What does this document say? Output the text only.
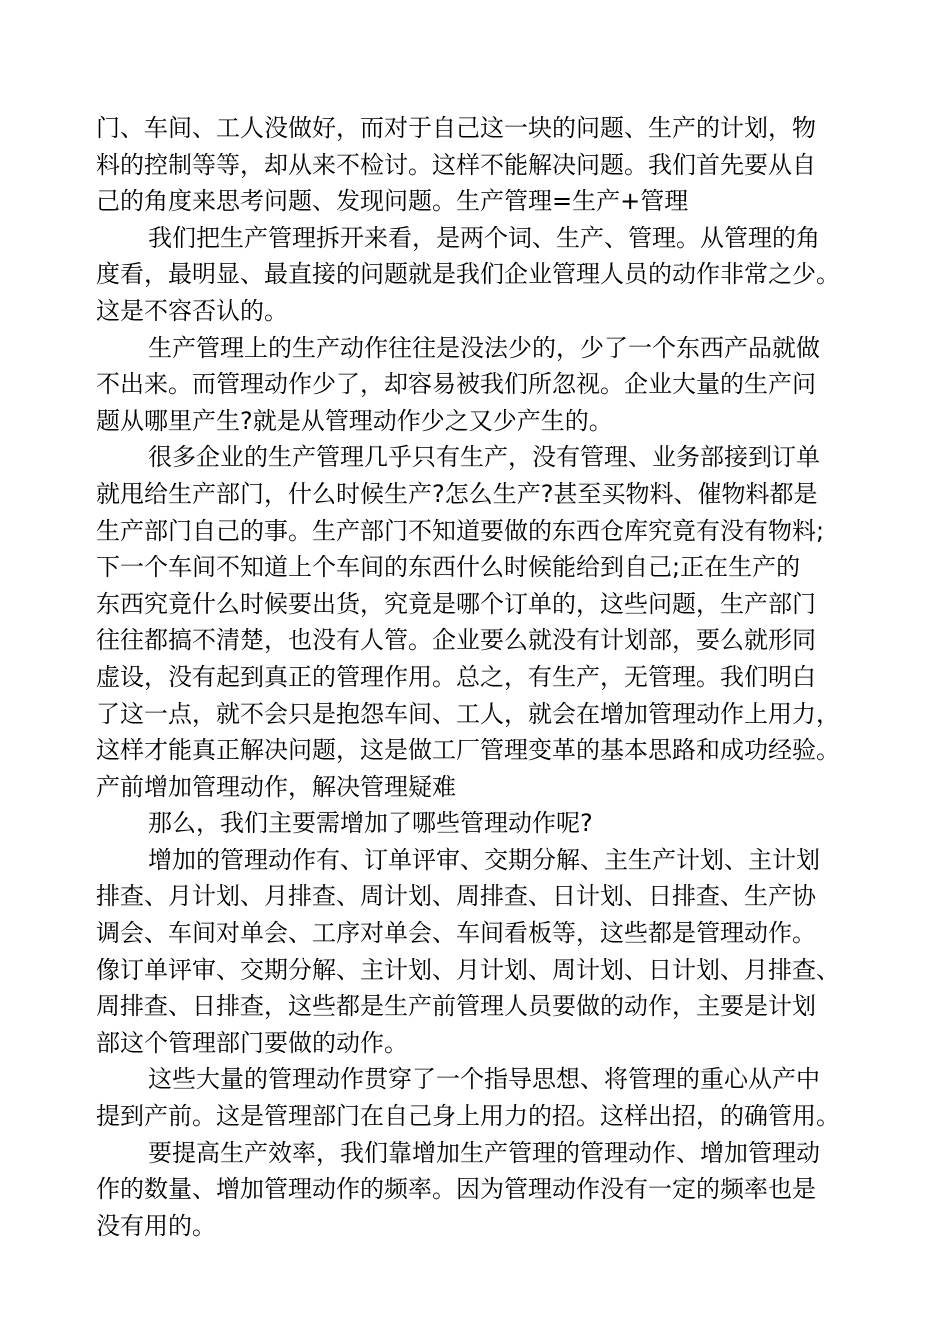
门、车间、工人没做好，而对于自己这一块的问题、生产的计划，物
料的控制等等，却从来不检讨。这样不能解决问题。我们首先要从自
己的角度来思考问题、发现问题。生产管理=生产+管理
我们把生产管理拆开来看，是两个词、生产、管理。从管理的角
度看，最明显、最直接的问题就是我们企业管理人员的动作非常之少。
这是不容否认的。
生产管理上的生产动作往往是没法少的，少了一个东西产品就做
不出来。而管理动作少了，却容易被我们所忽视。企业大量的生产问
题从哪里产生?就是从管理动作少之又少产生的。
很多企业的生产管理几乎只有生产，没有管理、业务部接到订单
就甩给生产部门，什么时候生产?怎么生产?甚至买物料、催物料都是
生产部门自己的事。生产部门不知道要做的东西仓库究竟有没有物料;
下一个车间不知道上个车间的东西什么时候能给到自己;正在生产的
东西究竟什么时候要出货，究竟是哪个订单的，这些问题，生产部门
往往都搞不清楚，也没有人管。企业要么就没有计划部，要么就形同
虚设，没有起到真正的管理作用。总之，有生产，无管理。我们明白
了这一点，就不会只是抱怨车间、工人，就会在增加管理动作上用力，
这样才能真正解决问题，这是做工厂管理变革的基本思路和成功经验。
产前增加管理动作，解决管理疑难
那么，我们主要需增加了哪些管理动作呢?
增加的管理动作有、订单评审、交期分解、主生产计划、主计划
排查、月计划、月排查、周计划、周排查、日计划、日排查、生产协
调会、车间对单会、工序对单会、车间看板等，这些都是管理动作。
像订单评审、交期分解、主计划、月计划、周计划、日计划、月排查、
周排查、日排查，这些都是生产前管理人员要做的动作，主要是计划
部这个管理部门要做的动作。
这些大量的管理动作贯穿了一个指导思想、将管理的重心从产中
提到产前。这是管理部门在自己身上用力的招。这样出招，的确管用。
要提高生产效率，我们靠增加生产管理的管理动作、增加管理动
作的数量、增加管理动作的频率。因为管理动作没有一定的频率也是
没有用的。
